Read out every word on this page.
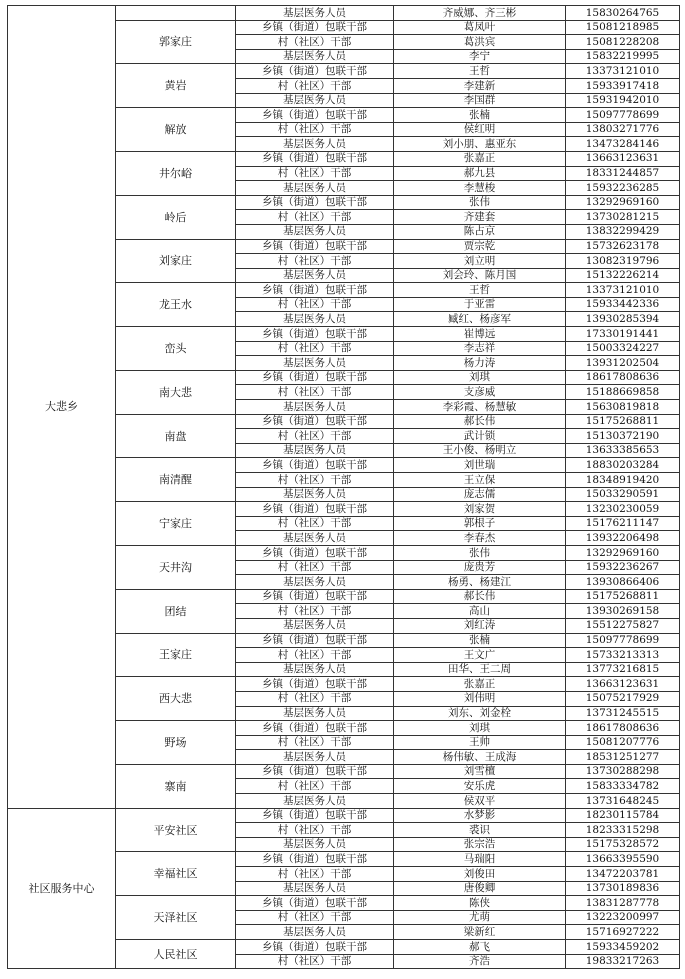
大悲乡		基层医务人员	齐威娜、齐三彬	15830264765
	郭家庄	乡镇（街道）包联干部	葛凤叶	15081218985
		村（社区）干部	葛洪宾	15081228208
		基层医务人员	李宁	15832219995
	黄岩	乡镇（街道）包联干部	王哲	13373121010
		村（社区）干部	李建新	15933917418
		基层医务人员	李国群	15931942010
	解放	乡镇（街道）包联干部	张楠	15097778699
		村（社区）干部	侯红明	13803271776
		基层医务人员	刘小朋、惠亚东	13473284146
	井尔峪	乡镇（街道）包联干部	张嘉正	13663123631
		村（社区）干部	郝九县	18331244857
		基层医务人员	李慧梭	15932236285
	岭后	乡镇（街道）包联干部	张伟	13292969160
		村（社区）干部	齐建套	13730281215
		基层医务人员	陈占京	13832299429
	刘家庄	乡镇（街道）包联干部	贾宗乾	15732623178
		村（社区）干部	刘立明	13082319796
		基层医务人员	刘会玲、陈月国	15132226214
	龙王水	乡镇（街道）包联干部	王哲	13373121010
		村（社区）干部	于亚雷	15933442336
		基层医务人员	臧红、杨彦军	13930285394
	峦头	乡镇（街道）包联干部	崔博远	17330191441
		村（社区）干部	李志祥	15003324227
		基层医务人员	杨力涛	13931202504
	南大悲	乡镇（街道）包联干部	刘琪	18617808636
		村（社区）干部	支彦威	15188669858
		基层医务人员	李彩霞、杨慧敏	15630819818
	南盘	乡镇（街道）包联干部	郝长伟	15175268811
		村（社区）干部	武计锁	15130372190
		基层医务人员	王小俊、杨明立	13633385653
	南清醒	乡镇（街道）包联干部	刘世瑞	18830203284
		村（社区）干部	王立保	18348919420
		基层医务人员	庞志儒	15033290591
	宁家庄	乡镇（街道）包联干部	刘家贺	13230230059
		村（社区）干部	郭根子	15176211147
		基层医务人员	李春杰	13932206498
	天井沟	乡镇（街道）包联干部	张伟	13292969160
		村（社区）干部	庞贵芳	15932236267
		基层医务人员	杨勇、杨建江	13930866406
	团结	乡镇（街道）包联干部	郝长伟	15175268811
		村（社区）干部	高山	13930269158
		基层医务人员	刘红涛	15512275827
	王家庄	乡镇（街道）包联干部	张楠	15097778699
		村（社区）干部	王文广	15733213313
		基层医务人员	田华、王二周	13773216815
	西大悲	乡镇（街道）包联干部	张嘉正	13663123631
		村（社区）干部	刘伟明	15075217929
		基层医务人员	刘东、刘金栓	13731245515
	野场	乡镇（街道）包联干部	刘琪	18617808636
		村（社区）干部	王帅	15081207776
		基层医务人员	杨伟敏、王成海	18531251277
	寨南	乡镇（街道）包联干部	刘雪檀	13730288298
		村（社区）干部	安乐虎	15833334782
		基层医务人员	侯双平	13731648245
社区服务中心	平安社区	乡镇（街道）包联干部	水梦影	18230115784
		村（社区）干部	裘识	18233315298
		基层医务人员	张宗浩	15175328572
	幸福社区	乡镇（街道）包联干部	马瑞阳	13663395590
		村（社区）干部	刘俊田	13472203781
		基层医务人员	唐俊卿	13730189836
	天泽社区	乡镇（街道）包联干部	陈侠	13831287778
		村（社区）干部	尤萌	13223200997
		基层医务人员	梁新红	15716927222
	人民社区	乡镇（街道）包联干部	郝飞	15933459202
		村（社区）干部	齐浩	19833217263
